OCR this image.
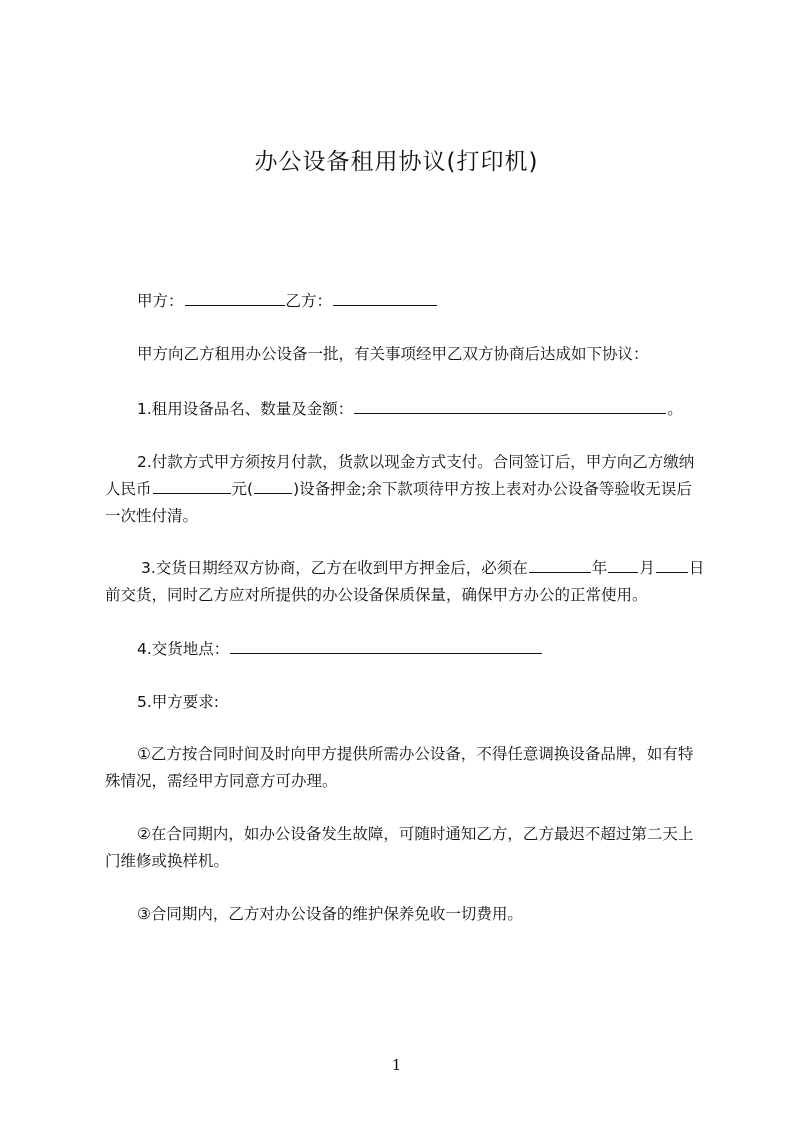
办公设备租用协议(打印机)

甲方：	乙方：

甲方向乙方租用办公设备一批，有关事项经甲乙双方协商后达成如下协议：

1.租用设备品名、数量及金额：	。

2.付款方式甲方须按月付款，货款以现金方式支付。合同签订后，甲方向乙方缴纳人民币	元(	)设备押金;余下款项待甲方按上表对办公设备等验收无误后一次性付清。

3.交货日期经双方协商，乙方在收到甲方押金后，必须在	年 月 日前交货，同时乙方应对所提供的办公设备保质保量，确保甲方办公的正常使用。

4.交货地点：

5.甲方要求:

①乙方按合同时间及时向甲方提供所需办公设备，不得任意调换设备品牌，如有特殊情况，需经甲方同意方可办理。

②在合同期内，如办公设备发生故障，可随时通知乙方，乙方最迟不超过第二天上门维修或换样机。

③合同期内，乙方对办公设备的维护保养免收一切费用。

1
